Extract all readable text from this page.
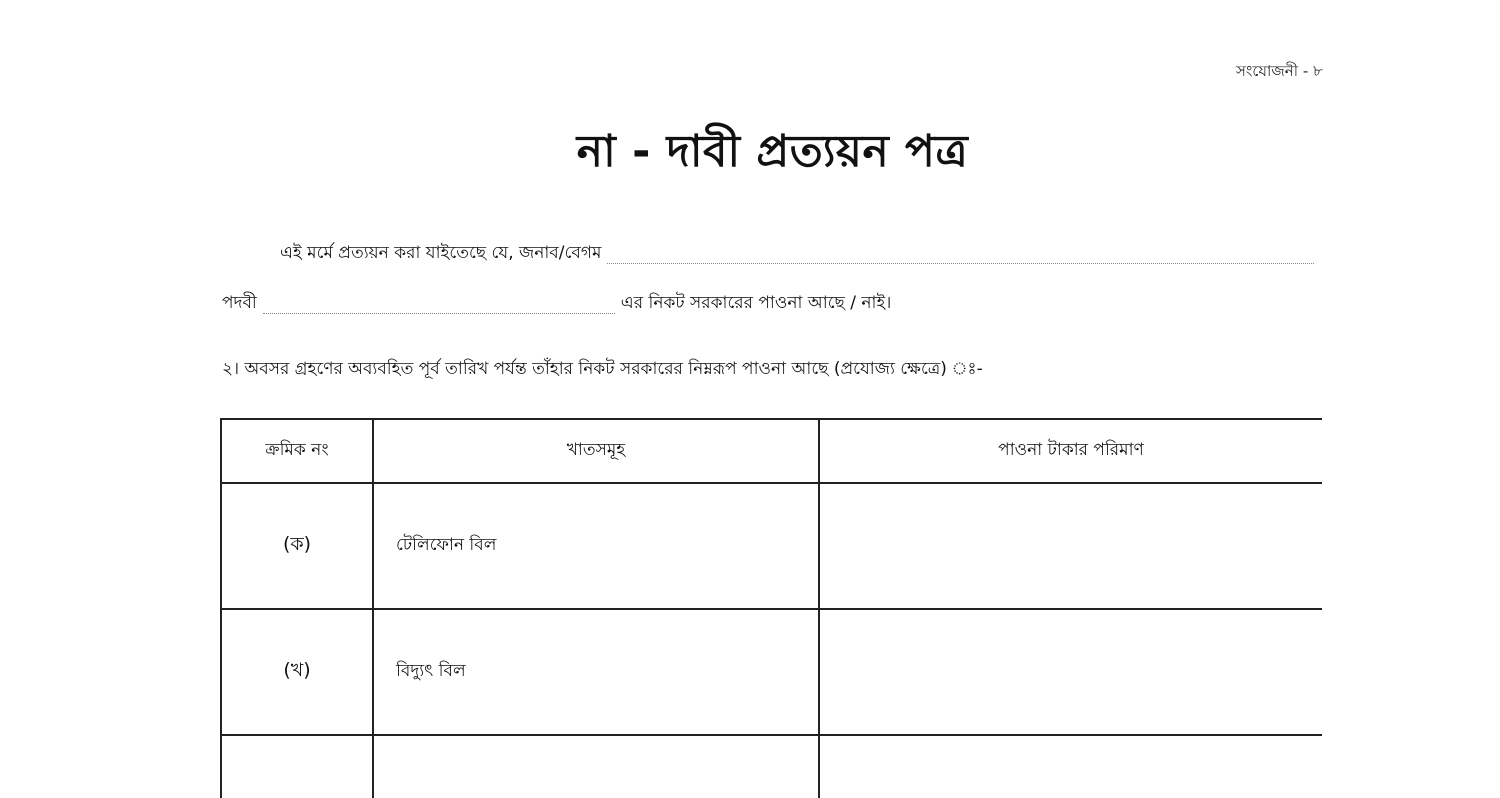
সংযোজনী - ৮
না - দাবী প্রত্যয়ন পত্র
এই মর্মে প্রত্যয়ন করা যাইতেছে যে, জনাব/বেগম
পদবী	এর নিকট সরকারের পাওনা আছে / নাই।
২। অবসর গ্রহণের অব্যবহিত পূর্ব তারিখ পর্যন্ত তাঁহার নিকট সরকারের নিম্নরূপ পাওনা আছে (প্রযোজ্য ক্ষেত্রে) ঃ-
ক্রমিক নং	খাতসমূহ	পাওনা টাকার পরিমাণ
(ক)	টেলিফোন বিল	
(খ)	বিদ্যুৎ বিল	
